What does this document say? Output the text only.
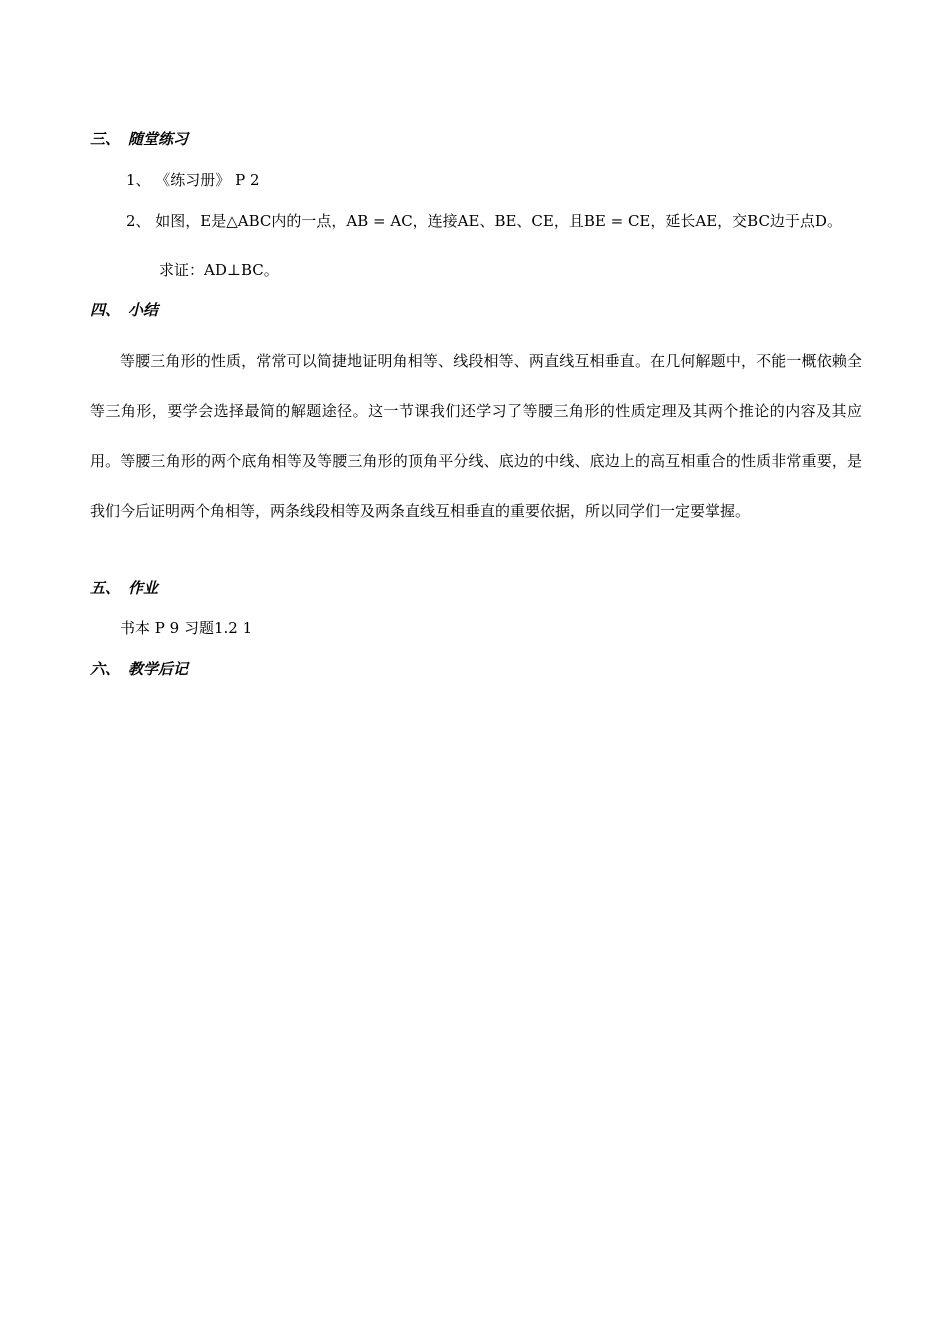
三、 随堂练习
1、 《练习册》 P 2
2、 如图，E是△ABC内的一点，AB = AC，连接AE、BE、CE，且BE = CE，延长AE，交BC边于点D。
求证：AD⊥BC。
四、 小结
等腰三角形的性质，常常可以简捷地证明角相等、线段相等、两直线互相垂直。在几何解题中，不能一概依赖全等三角形，要学会选择最简的解题途径。这一节课我们还学习了等腰三角形的性质定理及其两个推论的内容及其应用。等腰三角形的两个底角相等及等腰三角形的顶角平分线、底边的中线、底边上的高互相重合的性质非常重要，是我们今后证明两个角相等，两条线段相等及两条直线互相垂直的重要依据，所以同学们一定要掌握。
五、 作业
书本 P 9 习题1.2 1
六、 教学后记
